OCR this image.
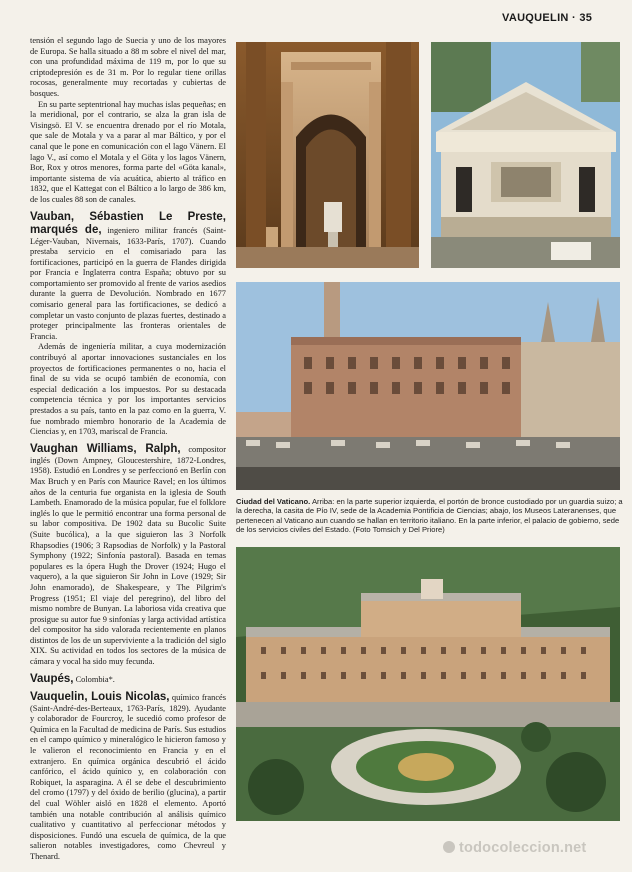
VAUQUELIN · 35

tensión el segundo lago de Suecia y uno de los mayores de Europa. Se halla situado a 88 m sobre el nivel del mar, con una profundidad máxima de 119 m, por lo que su criptodepresión es de 31 m. Por lo regular tiene orillas rocosas, generalmente muy recortadas y cubiertas de bosques.

En su parte septentrional hay muchas islas pequeñas; en la meridional, por el contrario, se alza la gran isla de Visingsö. El V. se encuentra drenado por el río Motala, que sale de Motala y va a parar al mar Báltico, y por el canal que le pone en comunicación con el lago Vänern. El lago V., así como el Motala y el Göta y los lagos Vänern, Bor, Rox y otros menores, forma parte del «Göta kanal», importante sistema de vía acuática, abierto al tráfico en 1832, que el Kattegat con el Báltico a lo largo de 386 km, de los cuales 88 son de canales.

Vauban, Sébastien Le Preste, marqués de, ingeniero militar francés (Saint-Léger-Vauban, Nivernais, 1633-París, 1707). Cuando prestaba servicio en el comisariado para las fortificaciones, participó en la guerra de Flandes dirigida por Francia e Inglaterra contra España; obtuvo por su comportamiento ser promovido al frente de varios asedios durante la guerra de Devolución. Nombrado en 1677 comisario general para las fortificaciones, se dedicó a completar un vasto conjunto de plazas fuertes, destinado a proteger principalmente las fronteras orientales de Francia.

Además de ingeniería militar, a cuya modernización contribuyó al aportar innovaciones sustanciales en los proyectos de fortificaciones permanentes o no, hacia el final de su vida se ocupó también de economía, con especial dedicación a los impuestos. Por su destacada competencia técnica y por los importantes servicios prestados a su país, tanto en la paz como en la guerra, V. fue nombrado miembro honorario de la Academia de Ciencias y, en 1703, mariscal de Francia.

Vaughan Williams, Ralph, compositor inglés (Down Ampney, Gloucestershire, 1872-Londres, 1958). Estudió en Londres y se perfeccionó en Berlín con Max Bruch y en París con Maurice Ravel; en los últimos años de la centuria fue organista en la iglesia de South Lambeth. Enamorado de la música popular, fue el folklore inglés lo que le permitió encontrar una forma personal de su labor compositiva. De 1902 data su Bucolic Suite (Suite bucólica), a la que siguieron las 3 Norfolk Rhapsodies (1906; 3 Rapsodias de Norfolk) y la Pastoral Symphony (1922; Sinfonía pastoral). Basada en temas populares es la ópera Hugh the Drover (1924; Hugo el vaquero), a la que siguieron Sir John in Love (1929; Sir John enamorado), de Shakespeare, y The Pilgrim's Progress (1951; El viaje del peregrino), del libro del mismo nombre de Bunyan. La laboriosa vida creativa que prosigue su autor fue 9 sinfonías y larga actividad artística del compositor ha sido valorada recientemente en planos distintos de los de un superviviente a la tradición del siglo XIX. Su actividad en todos los sectores de la música de cámara y vocal ha sido muy fecunda.

Vaupés, Colombia*.

Vauquelin, Louis Nicolas, químico francés (Saint-André-des-Berteaux, 1763-París, 1829). Ayudante y colaborador de Fourcroy, le sucedió como profesor de Química en la Facultad de medicina de París. Sus estudios en el campo químico y mineralógico le hicieron famoso y le valieron el reconocimiento en Francia y en el extranjero. En química orgánica descubrió el ácido canfórico, el ácido quínico y, en colaboración con Robiquet, la asparagina. A él se debe el descubrimiento del cromo (1797) y del óxido de berilio (glucina), a partir del cual Wöhler aisló en 1828 el elemento. Aportó también una notable contribución al análisis químico cualitativo y cuantitativo al perfeccionar métodos y disposiciones. Fundó una escuela de química, de la que salieron notables investigadores, como Chevreul y Thenard.

Ciudad del Vaticano. Arriba: en la parte superior izquierda, el portón de bronce custodiado por un guardia suizo; a la derecha, la casita de Pío IV, sede de la Academia Pontificia de Ciencias; abajo, los Museos Lateranenses, que pertenecen al Vaticano aun cuando se hallan en territorio italiano. En la parte inferior, el palacio de gobierno, sede de los servicios civiles del Estado. (Foto Tomsich y Del Priore)
todocoleccion.net
